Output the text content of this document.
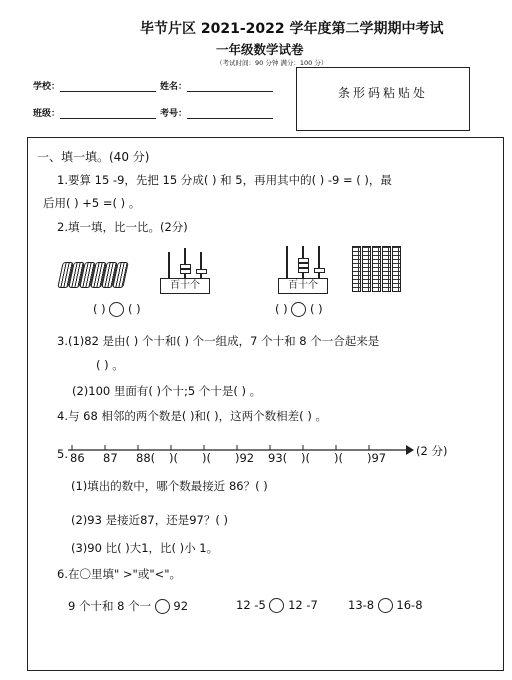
毕节片区 2021-2022 学年度第二学期期中考试
一年级数学试卷
（考试时间：90 分钟 满分：100 分）
学校：	姓名：
班级：	考号：
条形码粘贴处
一、填一填。(40 分)
1.要算 15 -9，先把 15 分成( ) 和 5，再用其中的( ) -9 = ( )，最
后用( ) +5 =( ) 。
2.填一填，比一比。(2分)
百十个	百十个
( ) ( )	( ) ( )
3.(1)82 是由( ) 个十和( ) 个一组成，7 个十和 8 个一合起来是
( ) 。
(2)100 里面有( )个十;5 个十是( ) 。
4.与 68 相邻的两个数是( )和( )，这两个数相差( ) 。
5.	(2 分)
86 87 88( )( )( )92 93( )( )( )97
(1)填出的数中，哪个数最接近 86？( )
(2)93 是接近87，还是97？( )
(3)90 比( )大1，比( )小 1。
6.在〇里填" >"或"<"。
9 个十和 8 个一 92	12 -5 12 -7	13-8 16-8
